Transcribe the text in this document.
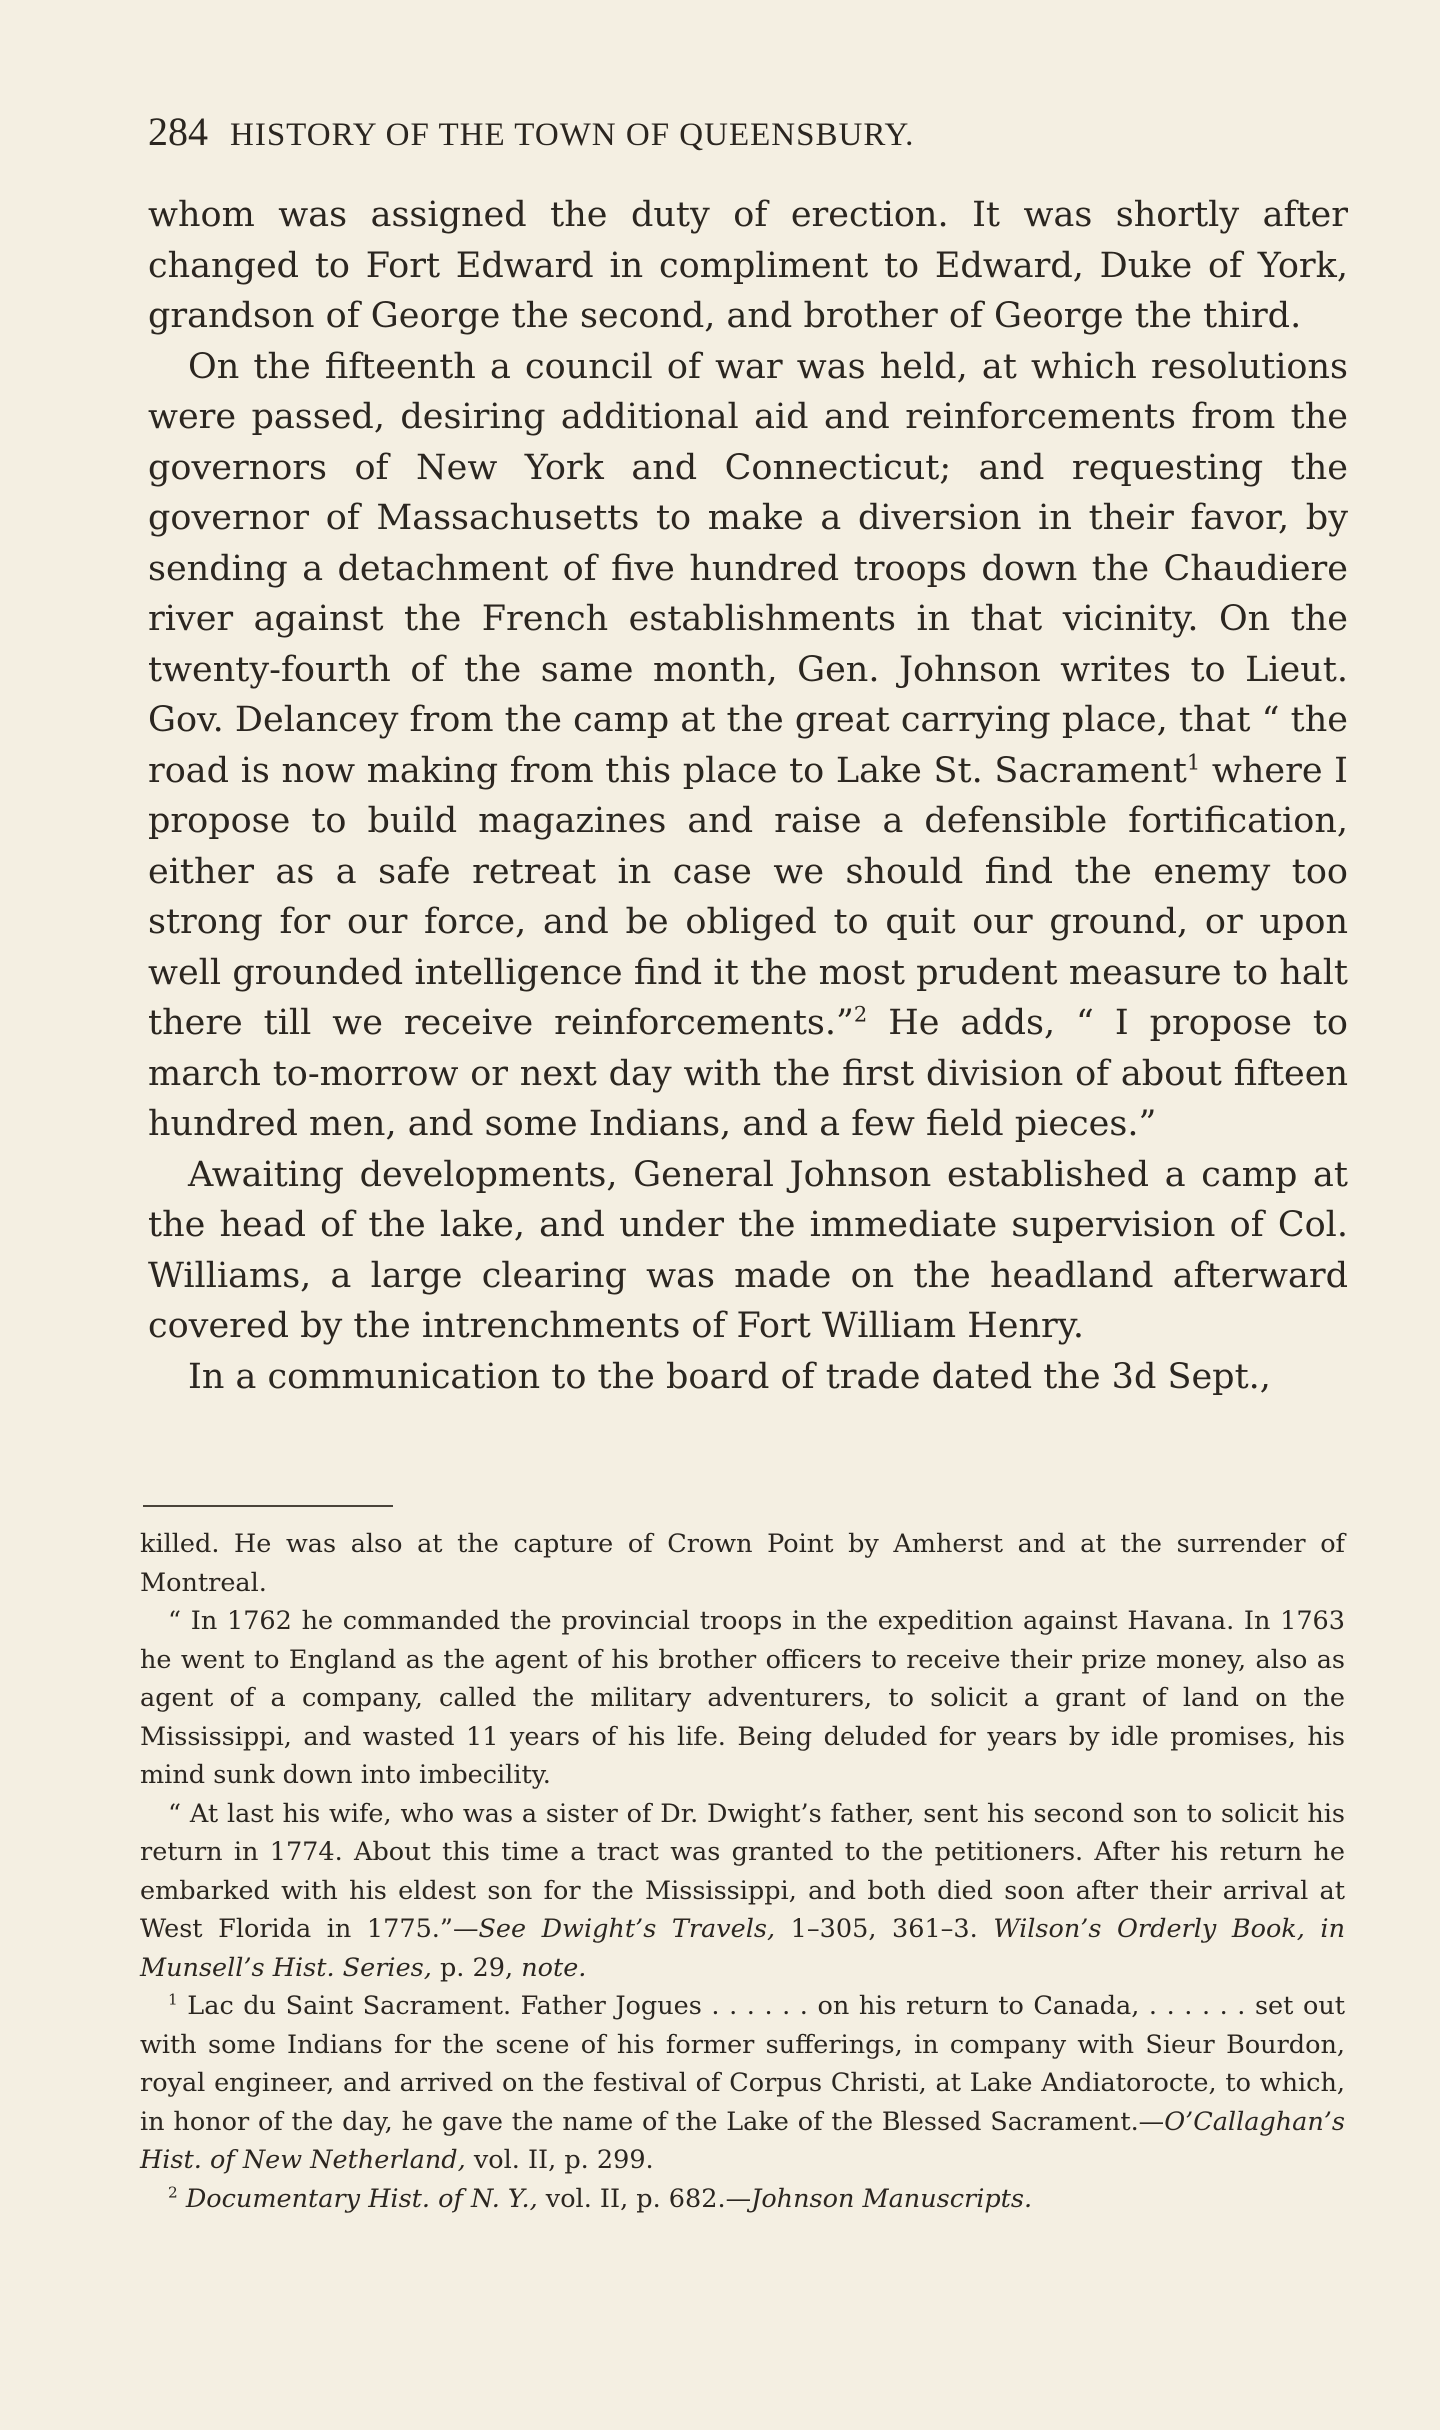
284 HISTORY OF THE TOWN OF QUEENSBURY.

whom was assigned the duty of erection. It was shortly after changed to Fort Edward in compliment to Edward, Duke of York, grandson of George the second, and brother of George the third.

On the fifteenth a council of war was held, at which resolutions were passed, desiring additional aid and reinforcements from the governors of New York and Connecticut; and requesting the governor of Massachusetts to make a diversion in their favor, by sending a detachment of five hundred troops down the Chaudiere river against the French establishments in that vicinity. On the twenty-fourth of the same month, Gen. Johnson writes to Lieut. Gov. Delancey from the camp at the great carrying place, that “ the road is now making from this place to Lake St. Sacrament$^1$ where I propose to build magazines and raise a defensible fortification, either as a safe retreat in case we should find the enemy too strong for our force, and be obliged to quit our ground, or upon well grounded intelligence find it the most prudent measure to halt there till we receive reinforcements.”$^2$ He adds, “ I propose to march to-morrow or next day with the first division of about fifteen hundred men, and some Indians, and a few field pieces.”

Awaiting developments, General Johnson established a camp at the head of the lake, and under the immediate supervision of Col. Williams, a large clearing was made on the headland afterward covered by the intrenchments of Fort William Henry.

In a communication to the board of trade dated the 3d Sept.,

killed. He was also at the capture of Crown Point by Amherst and at the surrender of Montreal.

“ In 1762 he commanded the provincial troops in the expedition against Havana. In 1763 he went to England as the agent of his brother officers to receive their prize money, also as agent of a company, called the military adventurers, to solicit a grant of land on the Mississippi, and wasted 11 years of his life. Being deluded for years by idle promises, his mind sunk down into imbecility.

“ At last his wife, who was a sister of Dr. Dwight’s father, sent his second son to solicit his return in 1774. About this time a tract was granted to the petitioners. After his return he embarked with his eldest son for the Mississippi, and both died soon after their arrival at West Florida in 1775.”—See Dwight’s Travels, 1–305, 361–3. Wilson’s Orderly Book, in Munsell’s Hist. Series, p. 29, note.

$^1$ Lac du Saint Sacrament. Father Jogues . . . . . . on his return to Canada, . . . . . . set out with some Indians for the scene of his former sufferings, in company with Sieur Bourdon, royal engineer, and arrived on the festival of Corpus Christi, at Lake Andiatorocte, to which, in honor of the day, he gave the name of the Lake of the Blessed Sacrament.—O’Callaghan’s Hist. of New Netherland, vol. II, p. 299.

$^2$ Documentary Hist. of N. Y., vol. II, p. 682.—Johnson Manuscripts.
